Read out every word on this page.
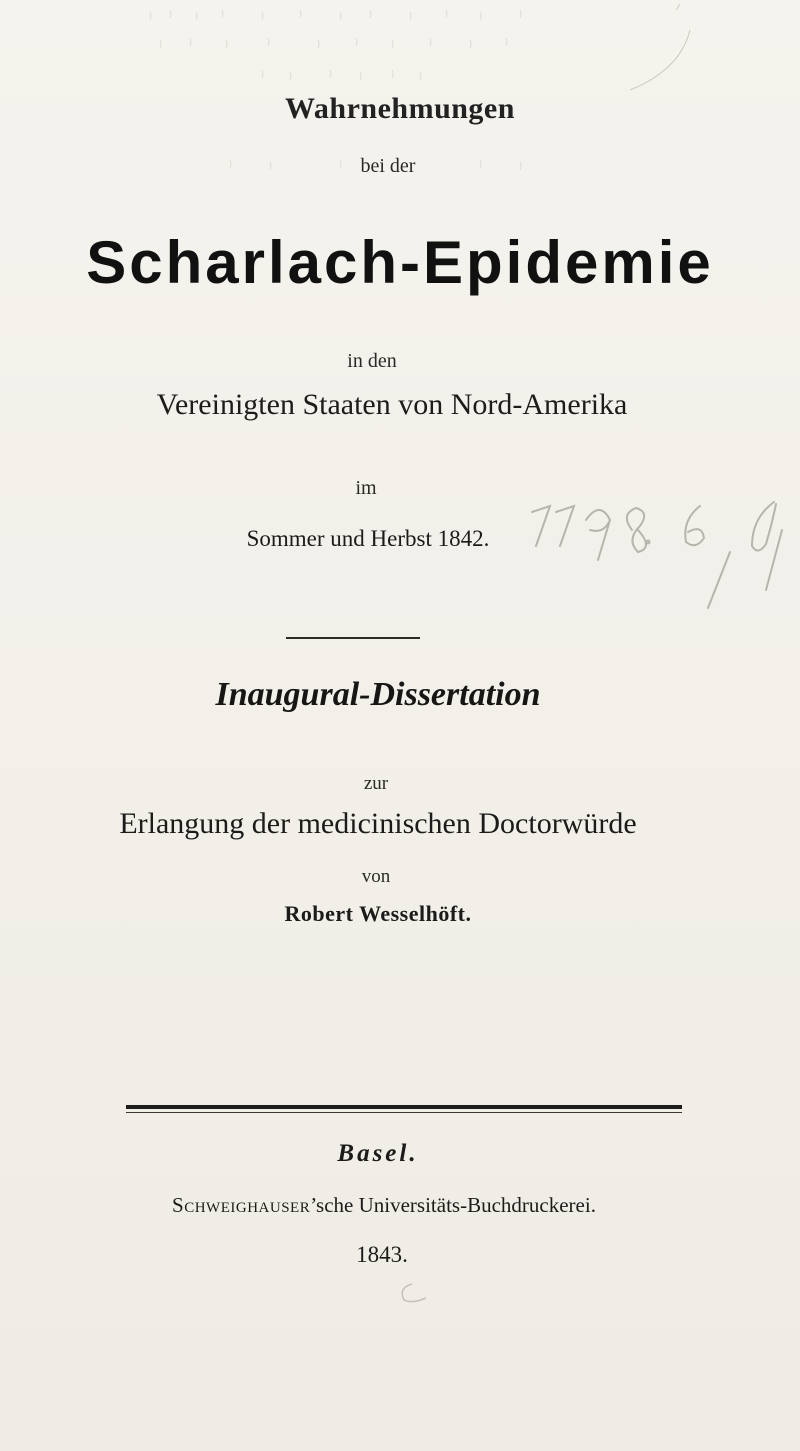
Wahrnehmungen
bei der
Scharlach-Epidemie
in den
Vereinigten Staaten von Nord-Amerika
im
Sommer und Herbst 1842.
Inaugural-Dissertation
zur
Erlangung der medicinischen Doctorwürde
von
Robert Wesselhöft.
Basel.
Schweighauser’sche Universitäts-Buchdruckerei.
1843.
